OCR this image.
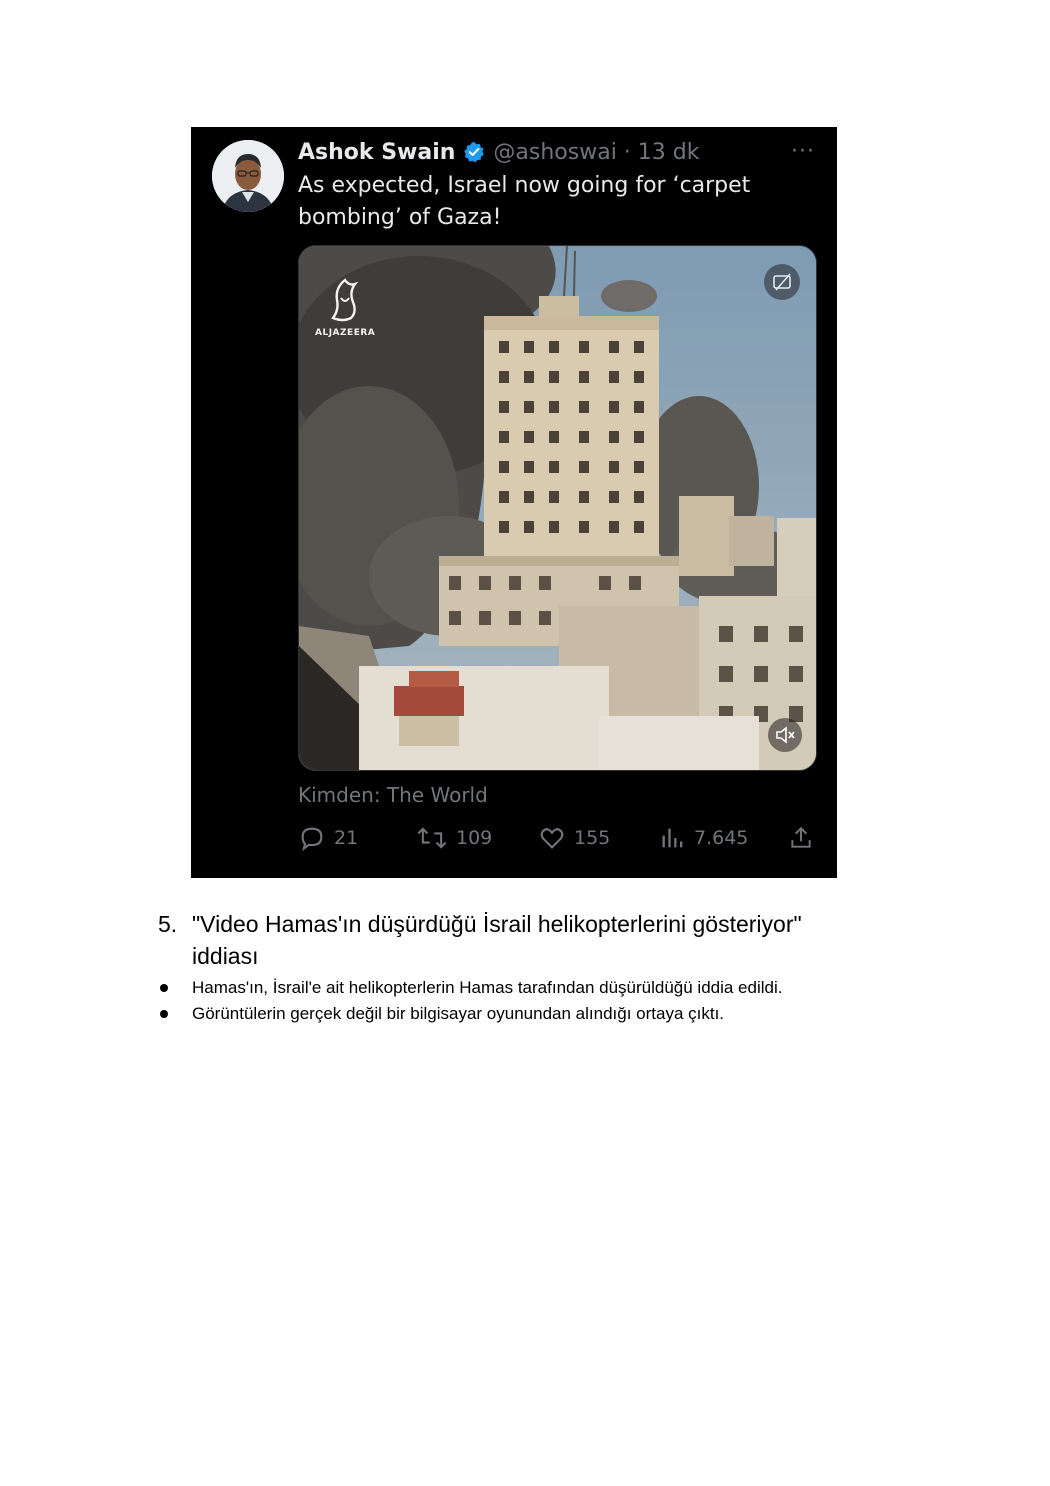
Ashok Swain @ashoswai · 13 dk	···

As expected, Israel now going for ‘carpet bombing’ of Gaza!

ALJAZEERA
Kimden: The World
21	109	155	7.645
5. "Video Hamas'ın düşürdüğü İsrail helikopterlerini gösteriyor" iddiası
Hamas'ın, İsrail'e ait helikopterlerin Hamas tarafından düşürüldüğü iddia edildi.
Görüntülerin gerçek değil bir bilgisayar oyunundan alındığı ortaya çıktı.
